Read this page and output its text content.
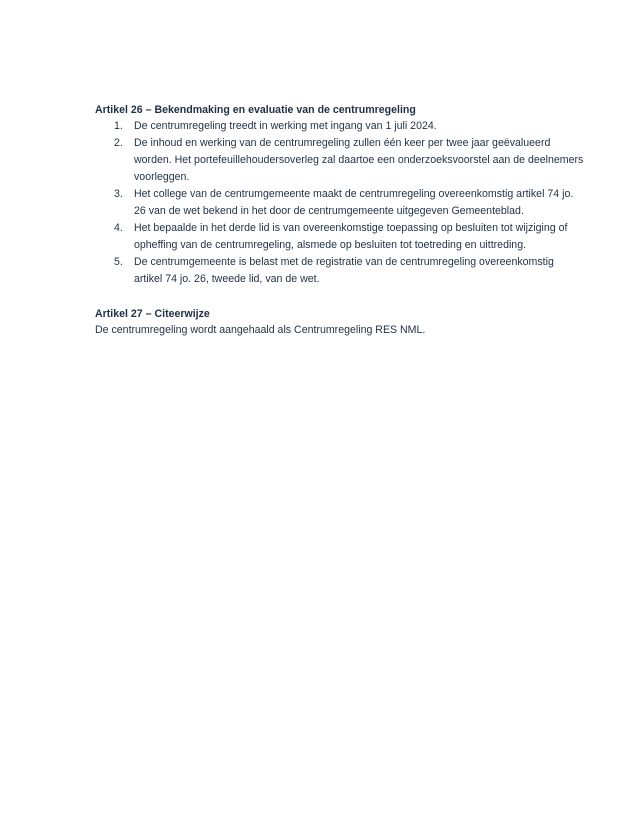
Artikel 26 – Bekendmaking en evaluatie van de centrumregeling
1.	De centrumregeling treedt in werking met ingang van 1 juli 2024.
2.	De inhoud en werking van de centrumregeling zullen één keer per twee jaar geëvalueerd worden. Het portefeuillehoudersoverleg zal daartoe een onderzoeksvoorstel aan de deelnemers voorleggen.
3.	Het college van de centrumgemeente maakt de centrumregeling overeenkomstig artikel 74 jo. 26 van de wet bekend in het door de centrumgemeente uitgegeven Gemeenteblad.
4.	Het bepaalde in het derde lid is van overeenkomstige toepassing op besluiten tot wijziging of opheffing van de centrumregeling, alsmede op besluiten tot toetreding en uittreding.
5.	De centrumgemeente is belast met de registratie van de centrumregeling overeenkomstig artikel 74 jo. 26, tweede lid, van de wet.
Artikel 27 – Citeerwijze

De centrumregeling wordt aangehaald als Centrumregeling RES NML.
